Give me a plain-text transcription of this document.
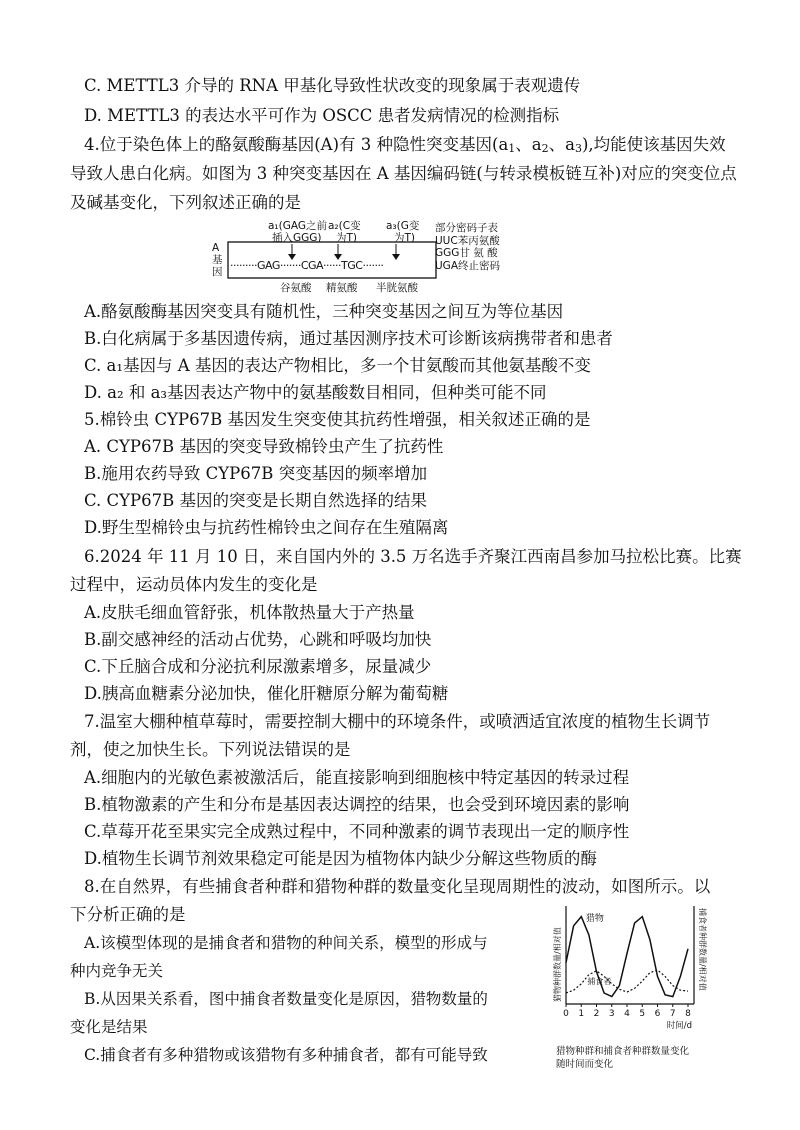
C. METTL3 介导的 RNA 甲基化导致性状改变的现象属于表观遗传
D. METTL3 的表达水平可作为 OSCC 患者发病情况的检测指标
4.位于染色体上的酪氨酸酶基因(A)有 3 种隐性突变基因(a1、a2、a3),均能使该基因失效
导致人患白化病。如图为 3 种突变基因在 A 基因编码链(与转录模板链互补)对应的突变位点
及碱基变化，下列叙述正确的是
A基因
a₁(GAG之前
插入GGG)
a₂(C变
为T)
a₃(G变
为T)
·········GAG·······CGA······TGC·······
谷氨酸 精氨酸 半胱氨酸
部分密码子表
UUC苯丙氨酸
GGG甘 氨 酸
UGA终止密码
A.酪氨酸酶基因突变具有随机性，三种突变基因之间互为等位基因
B.白化病属于多基因遗传病，通过基因测序技术可诊断该病携带者和患者
C. a₁基因与 A 基因的表达产物相比，多一个甘氨酸而其他氨基酸不变
D. a₂ 和 a₃基因表达产物中的氨基酸数目相同，但种类可能不同
5.棉铃虫 CYP67B 基因发生突变使其抗药性增强，相关叙述正确的是
A. CYP67B 基因的突变导致棉铃虫产生了抗药性
B.施用农药导致 CYP67B 突变基因的频率增加
C. CYP67B 基因的突变是长期自然选择的结果
D.野生型棉铃虫与抗药性棉铃虫之间存在生殖隔离
6.2024 年 11 月 10 日，来自国内外的 3.5 万名选手齐聚江西南昌参加马拉松比赛。比赛
过程中，运动员体内发生的变化是
A.皮肤毛细血管舒张，机体散热量大于产热量
B.副交感神经的活动占优势，心跳和呼吸均加快
C.下丘脑合成和分泌抗利尿激素增多，尿量减少
D.胰高血糖素分泌加快，催化肝糖原分解为葡萄糖
7.温室大棚种植草莓时，需要控制大棚中的环境条件，或喷洒适宜浓度的植物生长调节
剂，使之加快生长。下列说法错误的是
A.细胞内的光敏色素被激活后，能直接影响到细胞核中特定基因的转录过程
B.植物激素的产生和分布是基因表达调控的结果，也会受到环境因素的影响
C.草莓开花至果实完全成熟过程中，不同种激素的调节表现出一定的顺序性
D.植物生长调节剂效果稳定可能是因为植物体内缺少分解这些物质的酶
8.在自然界，有些捕食者种群和猎物种群的数量变化呈现周期性的波动，如图所示。以
下分析正确的是
A.该模型体现的是捕食者和猎物的种间关系，模型的形成与
种内竞争无关
B.从因果关系看，图中捕食者数量变化是原因，猎物数量的
变化是结果
C.捕食者有多种猎物或该猎物有多种捕食者，都有可能导致
0 1 2 3 4 5 6 7 8
时间/d
猎物种群数量/相对值	捕食者种群数量/相对值
猎物
捕食者
猎物种群和捕食者种群数量变化
随时间而变化
